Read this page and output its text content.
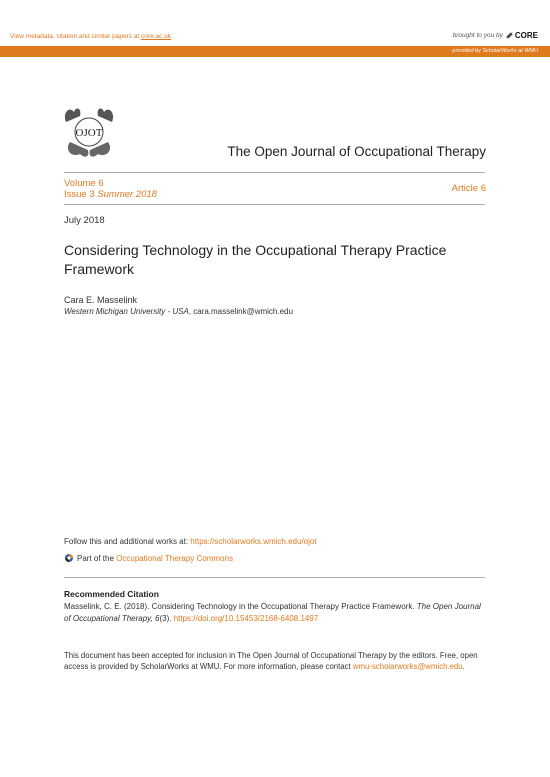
View metadata, citation and similar papers at core.ac.uk	brought to you by CORE
provided by ScholarWorks at WMU
OJOT
The Open Journal of Occupational Therapy
Volume 6
Issue 3 Summer 2018
Article 6
July 2018
Considering Technology in the Occupational Therapy Practice Framework
Cara E. Masselink
Western Michigan University - USA, cara.masselink@wmich.edu
Follow this and additional works at: https://scholarworks.wmich.edu/ojot
Part of the Occupational Therapy Commons
Recommended Citation
Masselink, C. E. (2018). Considering Technology in the Occupational Therapy Practice Framework. The Open Journal of Occupational Therapy, 6(3). https://doi.org/10.15453/2168-6408.1497
This document has been accepted for inclusion in The Open Journal of Occupational Therapy by the editors. Free, open access is provided by ScholarWorks at WMU. For more information, please contact wmu-scholarworks@wmich.edu.
